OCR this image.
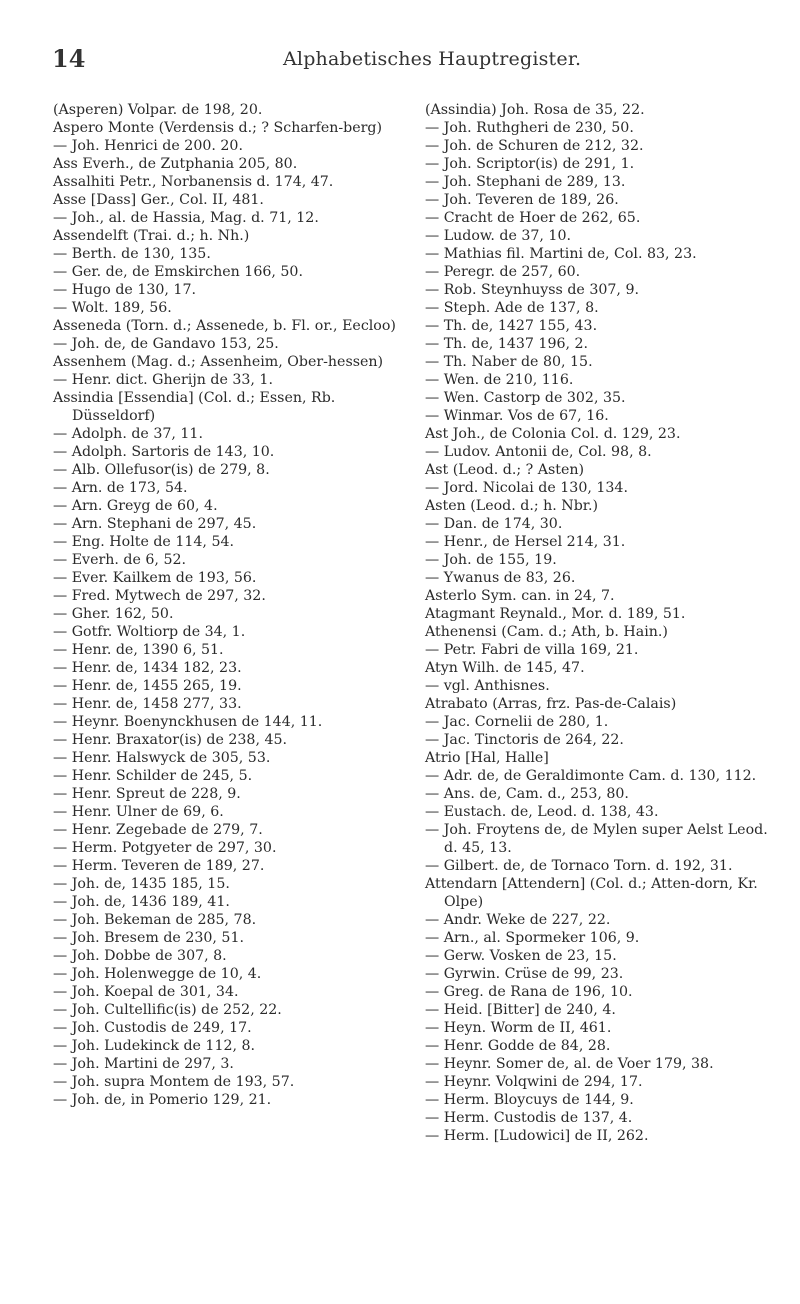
14	Alphabetisches Hauptregister.

(Asperen) Volpar. de 198, 20.

Aspero Monte (Verdensis d.; ? Scharfen-berg)

— Joh. Henrici de 200. 20.

Ass Everh., de Zutphania 205, 80.

Assalhiti Petr., Norbanensis d. 174, 47.

Asse [Dass] Ger., Col. II, 481.

— Joh., al. de Hassia, Mag. d. 71, 12.

Assendelft (Trai. d.; h. Nh.)

— Berth. de 130, 135.

— Ger. de, de Emskirchen 166, 50.

— Hugo de 130, 17.

— Wolt. 189, 56.

Asseneda (Torn. d.; Assenede, b. Fl. or., Eecloo)

— Joh. de, de Gandavo 153, 25.

Assenhem (Mag. d.; Assenheim, Ober-hessen)

— Henr. dict. Gherijn de 33, 1.

Assindia [Essendia] (Col. d.; Essen, Rb. Düsseldorf)

— Adolph. de 37, 11.

— Adolph. Sartoris de 143, 10.

— Alb. Ollefusor(is) de 279, 8.

— Arn. de 173, 54.

— Arn. Greyg de 60, 4.

— Arn. Stephani de 297, 45.

— Eng. Holte de 114, 54.

— Everh. de 6, 52.

— Ever. Kailkem de 193, 56.

— Fred. Mytwech de 297, 32.

— Gher. 162, 50.

— Gotfr. Woltiorp de 34, 1.

— Henr. de, 1390 6, 51.

— Henr. de, 1434 182, 23.

— Henr. de, 1455 265, 19.

— Henr. de, 1458 277, 33.

— Heynr. Boenynckhusen de 144, 11.

— Henr. Braxator(is) de 238, 45.

— Henr. Halswyck de 305, 53.

— Henr. Schilder de 245, 5.

— Henr. Spreut de 228, 9.

— Henr. Ulner de 69, 6.

— Henr. Zegebade de 279, 7.

— Herm. Potgyeter de 297, 30.

— Herm. Teveren de 189, 27.

— Joh. de, 1435 185, 15.

— Joh. de, 1436 189, 41.

— Joh. Bekeman de 285, 78.

— Joh. Bresem de 230, 51.

— Joh. Dobbe de 307, 8.

— Joh. Holenwegge de 10, 4.

— Joh. Koepal de 301, 34.

— Joh. Cultellific(is) de 252, 22.

— Joh. Custodis de 249, 17.

— Joh. Ludekinck de 112, 8.

— Joh. Martini de 297, 3.

— Joh. supra Montem de 193, 57.

— Joh. de, in Pomerio 129, 21.

(Assindia) Joh. Rosa de 35, 22.

— Joh. Ruthgheri de 230, 50.

— Joh. de Schuren de 212, 32.

— Joh. Scriptor(is) de 291, 1.

— Joh. Stephani de 289, 13.

— Joh. Teveren de 189, 26.

— Cracht de Hoer de 262, 65.

— Ludow. de 37, 10.

— Mathias fil. Martini de, Col. 83, 23.

— Peregr. de 257, 60.

— Rob. Steynhuyss de 307, 9.

— Steph. Ade de 137, 8.

— Th. de, 1427 155, 43.

— Th. de, 1437 196, 2.

— Th. Naber de 80, 15.

— Wen. de 210, 116.

— Wen. Castorp de 302, 35.

— Winmar. Vos de 67, 16.

Ast Joh., de Colonia Col. d. 129, 23.

— Ludov. Antonii de, Col. 98, 8.

Ast (Leod. d.; ? Asten)

— Jord. Nicolai de 130, 134.

Asten (Leod. d.; h. Nbr.)

— Dan. de 174, 30.

— Henr., de Hersel 214, 31.

— Joh. de 155, 19.

— Ywanus de 83, 26.

Asterlo Sym. can. in 24, 7.

Atagmant Reynald., Mor. d. 189, 51.

Athenensi (Cam. d.; Ath, b. Hain.)

— Petr. Fabri de villa 169, 21.

Atyn Wilh. de 145, 47.

— vgl. Anthisnes.

Atrabato (Arras, frz. Pas-de-Calais)

— Jac. Cornelii de 280, 1.

— Jac. Tinctoris de 264, 22.

Atrio [Hal, Halle]

— Adr. de, de Geraldimonte Cam. d. 130, 112.

— Ans. de, Cam. d., 253, 80.

— Eustach. de, Leod. d. 138, 43.

— Joh. Froytens de, de Mylen super Aelst Leod. d. 45, 13.

— Gilbert. de, de Tornaco Torn. d. 192, 31.

Attendarn [Attendern] (Col. d.; Atten-dorn, Kr. Olpe)

— Andr. Weke de 227, 22.

— Arn., al. Spormeker 106, 9.

— Gerw. Vosken de 23, 15.

— Gyrwin. Crüse de 99, 23.

— Greg. de Rana de 196, 10.

— Heid. [Bitter] de 240, 4.

— Heyn. Worm de II, 461.

— Henr. Godde de 84, 28.

— Heynr. Somer de, al. de Voer 179, 38.

— Heynr. Volqwini de 294, 17.

— Herm. Bloycuys de 144, 9.

— Herm. Custodis de 137, 4.

— Herm. [Ludowici] de II, 262.
